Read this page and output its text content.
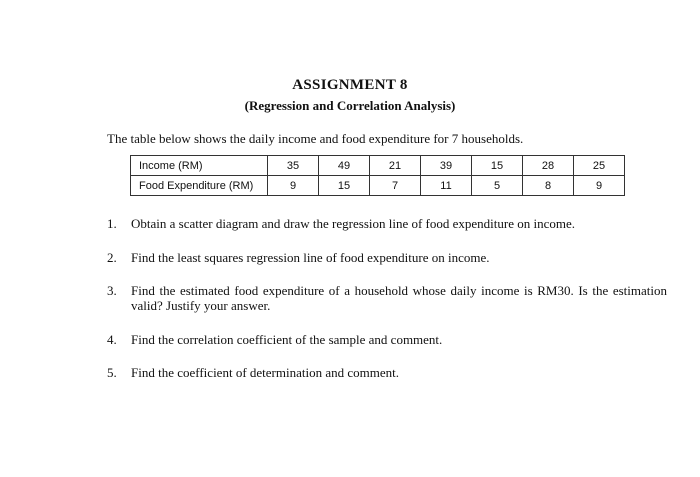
ASSIGNMENT 8
(Regression and Correlation Analysis)
The table below shows the daily income and food expenditure for 7 households.
Income (RM)	35	49	21	39	15	28	25
Food Expenditure (RM)	9	15	7	11	5	8	9
1.	Obtain a scatter diagram and draw the regression line of food expenditure on income.
2.	Find the least squares regression line of food expenditure on income.
3.	Find the estimated food expenditure of a household whose daily income is RM30. Is the estimation valid? Justify your answer.
4.	Find the correlation coefficient of the sample and comment.
5.	Find the coefficient of determination and comment.
